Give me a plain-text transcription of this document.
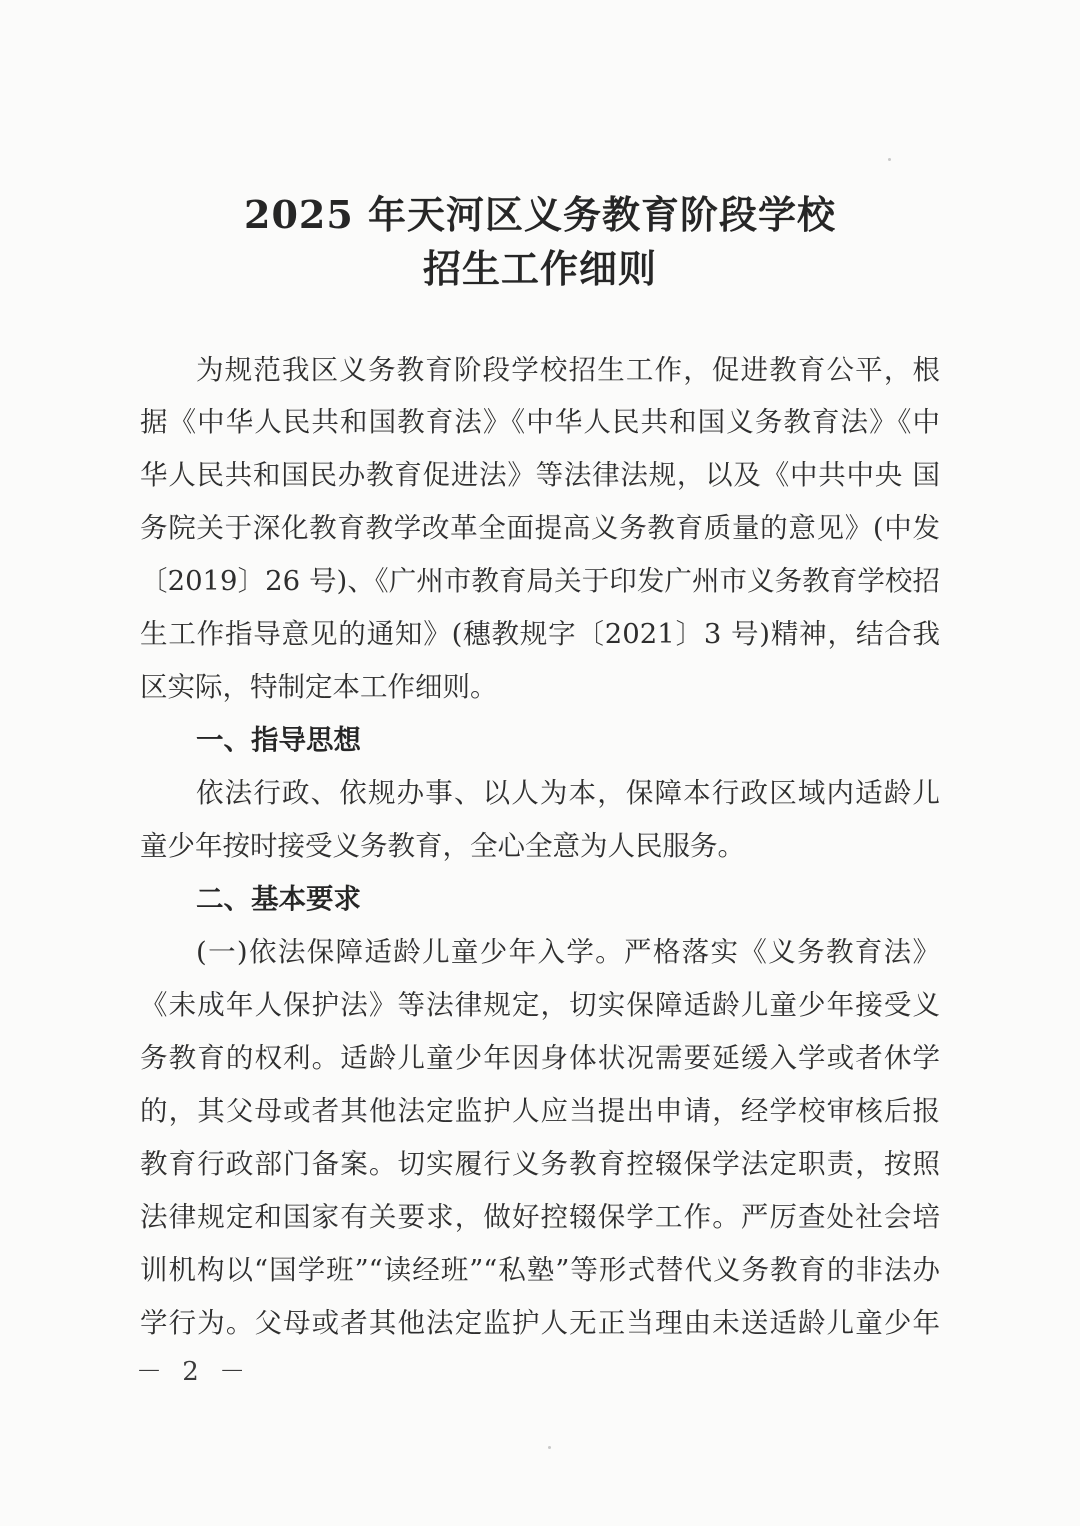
2025 年天河区义务教育阶段学校
招生工作细则
为规范我区义务教育阶段学校招生工作，促进教育公平，根
据《中华人民共和国教育法》《中华人民共和国义务教育法》《中
华人民共和国民办教育促进法》等法律法规，以及《中共中央 国
务院关于深化教育教学改革全面提高义务教育质量的意见》(中发
〔2019〕26 号)、《广州市教育局关于印发广州市义务教育学校招
生工作指导意见的通知》(穗教规字〔2021〕3 号)精神，结合我
区实际，特制定本工作细则。
一、指导思想
依法行政、依规办事、以人为本，保障本行政区域内适龄儿
童少年按时接受义务教育，全心全意为人民服务。
二、基本要求
(一)依法保障适龄儿童少年入学。严格落实《义务教育法》
《未成年人保护法》等法律规定，切实保障适龄儿童少年接受义
务教育的权利。适龄儿童少年因身体状况需要延缓入学或者休学
的，其父母或者其他法定监护人应当提出申请，经学校审核后报
教育行政部门备案。切实履行义务教育控辍保学法定职责，按照
法律规定和国家有关要求，做好控辍保学工作。严厉查处社会培
训机构以“国学班”“读经班”“私塾”等形式替代义务教育的非法办
学行为。父母或者其他法定监护人无正当理由未送适龄儿童少年
－ 2 －
